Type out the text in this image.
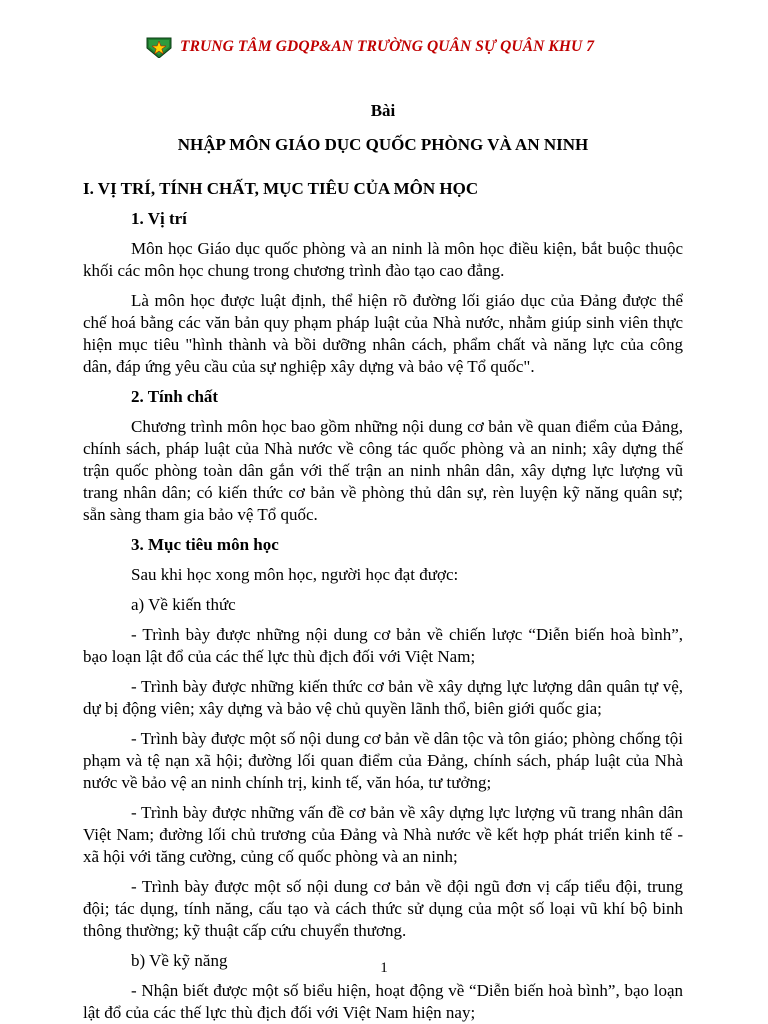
TRUNG TÂM GDQP&AN TRƯỜNG QUÂN SỰ QUÂN KHU 7
Bài
NHẬP MÔN GIÁO DỤC QUỐC PHÒNG VÀ AN NINH
I. VỊ TRÍ, TÍNH CHẤT, MỤC TIÊU CỦA MÔN HỌC
1. Vị trí

Môn học Giáo dục quốc phòng và an ninh là môn học điều kiện, bắt buộc thuộc khối các môn học chung trong chương trình đào tạo cao đẳng.

Là môn học được luật định, thể hiện rõ đường lối giáo dục của Đảng được thể chế hoá bằng các văn bản quy phạm pháp luật của Nhà nước, nhằm giúp sinh viên thực hiện mục tiêu "hình thành và bồi dưỡng nhân cách, phẩm chất và năng lực của công dân, đáp ứng yêu cầu của sự nghiệp xây dựng và bảo vệ Tổ quốc".

2. Tính chất

Chương trình môn học bao gồm những nội dung cơ bản về quan điểm của Đảng, chính sách, pháp luật của Nhà nước về công tác quốc phòng và an ninh; xây dựng thế trận quốc phòng toàn dân gắn với thế trận an ninh nhân dân, xây dựng lực lượng vũ trang nhân dân; có kiến thức cơ bản về phòng thủ dân sự, rèn luyện kỹ năng quân sự; sẵn sàng tham gia bảo vệ Tổ quốc.

3. Mục tiêu môn học

Sau khi học xong môn học, người học đạt được:

a) Về kiến thức

- Trình bày được những nội dung cơ bản về chiến lược “Diễn biến hoà bình”, bạo loạn lật đổ của các thế lực thù địch đối với Việt Nam;

- Trình bày được những kiến thức cơ bản về xây dựng lực lượng dân quân tự vệ, dự bị động viên; xây dựng và bảo vệ chủ quyền lãnh thổ, biên giới quốc gia;

- Trình bày được một số nội dung cơ bản về dân tộc và tôn giáo; phòng chống tội phạm và tệ nạn xã hội; đường lối quan điểm của Đảng, chính sách, pháp luật của Nhà nước về bảo vệ an ninh chính trị, kinh tế, văn hóa, tư tưởng;

- Trình bày được những vấn đề cơ bản về xây dựng lực lượng vũ trang nhân dân Việt Nam; đường lối chủ trương của Đảng và Nhà nước về kết hợp phát triển kinh tế - xã hội với tăng cường, củng cố quốc phòng và an ninh;

- Trình bày được một số nội dung cơ bản về đội ngũ đơn vị cấp tiểu đội, trung đội; tác dụng, tính năng, cấu tạo và cách thức sử dụng của một số loại vũ khí bộ binh thông thường; kỹ thuật cấp cứu chuyển thương.

b) Về kỹ năng

- Nhận biết được một số biểu hiện, hoạt động về “Diễn biến hoà bình”, bạo loạn lật đổ của các thế lực thù địch đối với Việt Nam hiện nay;

1
